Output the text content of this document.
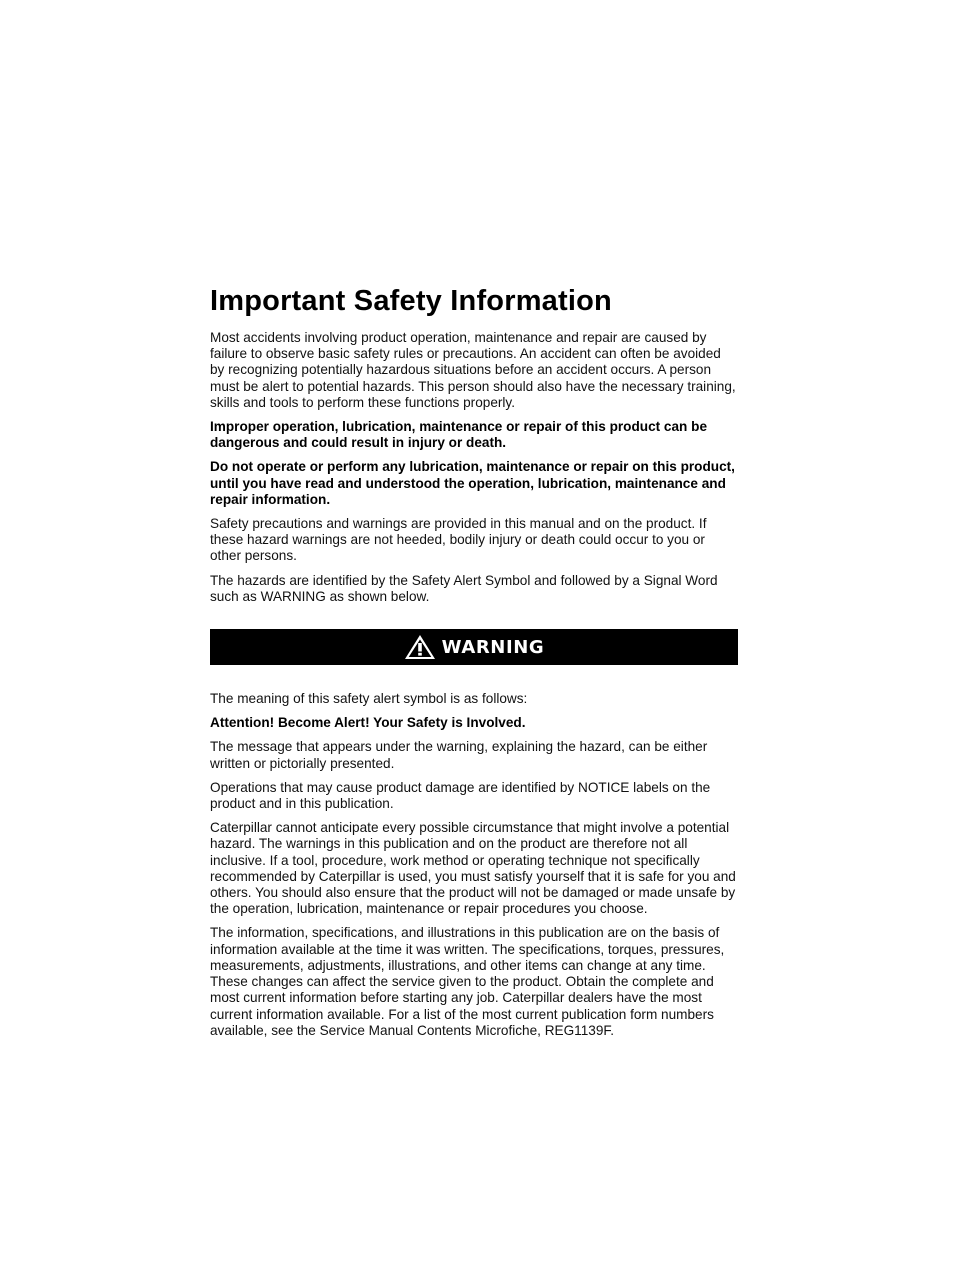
Important Safety Information

Most accidents involving product operation, maintenance and repair are caused by failure to observe basic safety rules or precautions. An accident can often be avoided by recognizing potentially hazardous situations before an accident occurs. A person must be alert to potential hazards. This person should also have the necessary training, skills and tools to perform these functions properly.

Improper operation, lubrication, maintenance or repair of this product can be dangerous and could result in injury or death.

Do not operate or perform any lubrication, maintenance or repair on this product, until you have read and understood the operation, lubrication, maintenance and repair information.

Safety precautions and warnings are provided in this manual and on the product. If these hazard warnings are not heeded, bodily injury or death could occur to you or other persons.

The hazards are identified by the Safety Alert Symbol and followed by a Signal Word such as WARNING as shown below.

WARNING

The meaning of this safety alert symbol is as follows:

Attention! Become Alert! Your Safety is Involved.

The message that appears under the warning, explaining the hazard, can be either written or pictorially presented.

Operations that may cause product damage are identified by NOTICE labels on the product and in this publication.

Caterpillar cannot anticipate every possible circumstance that might involve a potential hazard. The warnings in this publication and on the product are therefore not all inclusive. If a tool, procedure, work method or operating technique not specifically recommended by Caterpillar is used, you must satisfy yourself that it is safe for you and others. You should also ensure that the product will not be damaged or made unsafe by the operation, lubrication, maintenance or repair procedures you choose.

The information, specifications, and illustrations in this publication are on the basis of information available at the time it was written. The specifications, torques, pressures, measurements, adjustments, illustrations, and other items can change at any time. These changes can affect the service given to the product. Obtain the complete and most current information before starting any job. Caterpillar dealers have the most current information available. For a list of the most current publication form numbers available, see the Service Manual Contents Microfiche, REG1139F.
